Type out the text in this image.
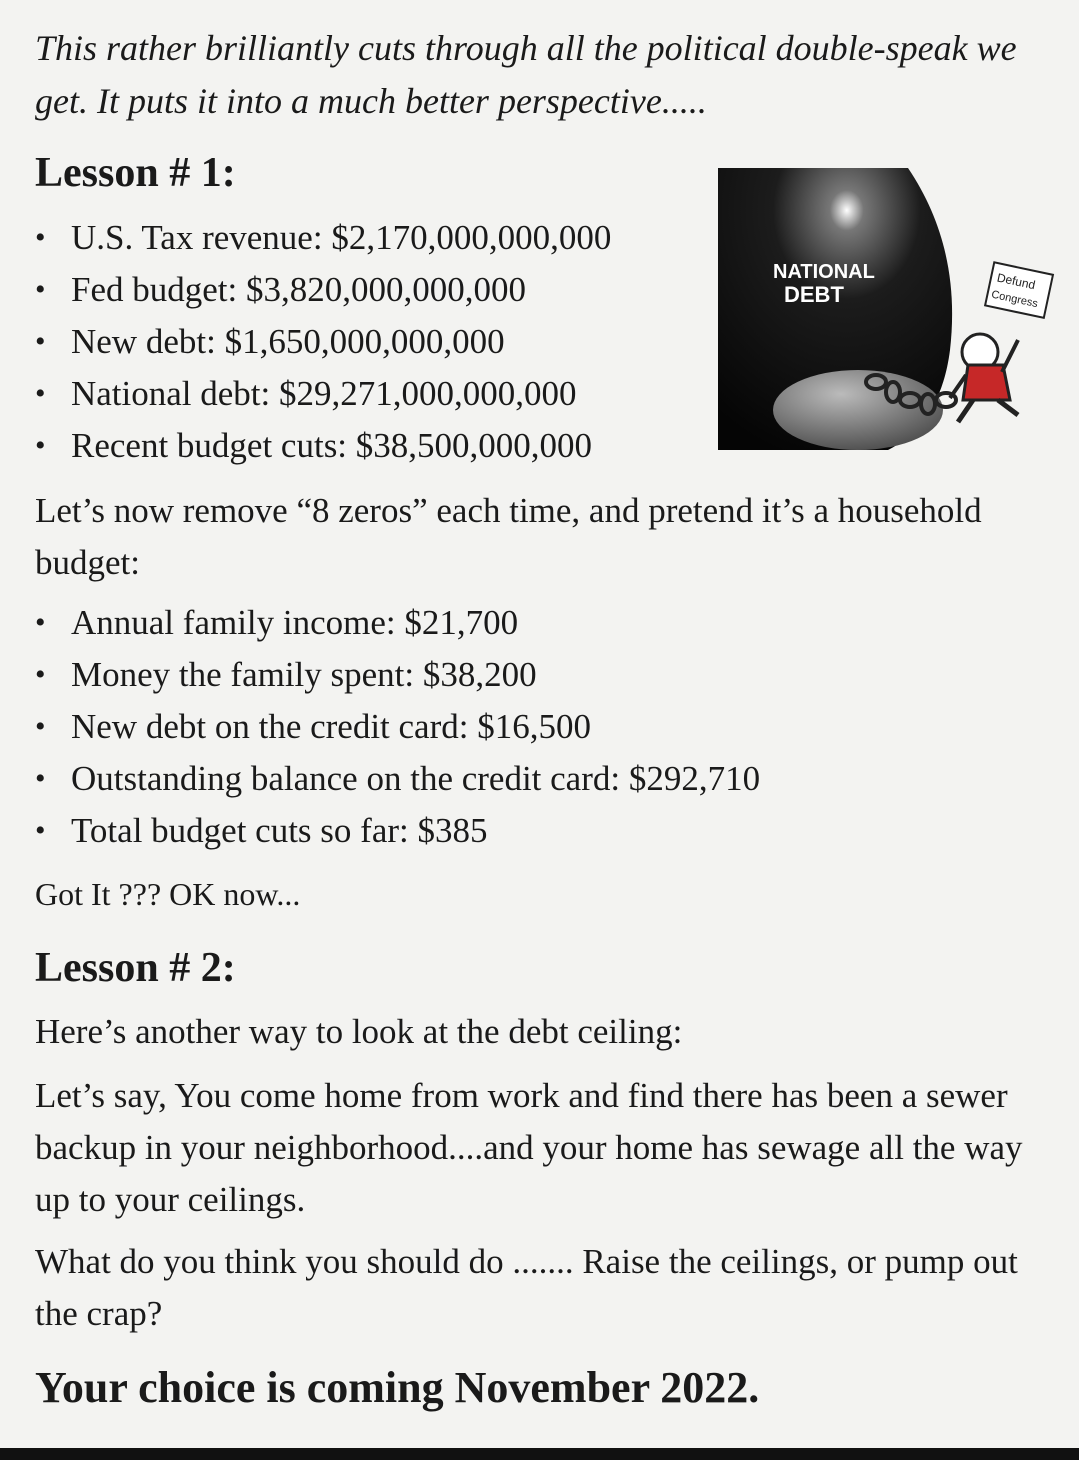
This rather brilliantly cuts through all the political double-speak we get. It puts it into a much better perspective.....

Lesson # 1:
• U.S. Tax revenue: $2,170,000,000,000
• Fed budget: $3,820,000,000,000
• New debt: $1,650,000,000,000
• National debt: $29,271,000,000,000
• Recent budget cuts: $38,500,000,000
NATIONAL
DEBT
Defund
Congress

Let’s now remove “8 zeros” each time, and pretend it’s a household budget:

• Annual family income: $21,700
• Money the family spent: $38,200
• New debt on the credit card: $16,500
• Outstanding balance on the credit card: $292,710
• Total budget cuts so far: $385

Got It ??? OK now...

Lesson # 2:

Here’s another way to look at the debt ceiling:

Let’s say, You come home from work and find there has been a sewer backup in your neighborhood....and your home has sewage all the way up to your ceilings.

What do you think you should do ....... Raise the ceilings, or pump out the crap?

Your choice is coming November 2022.
